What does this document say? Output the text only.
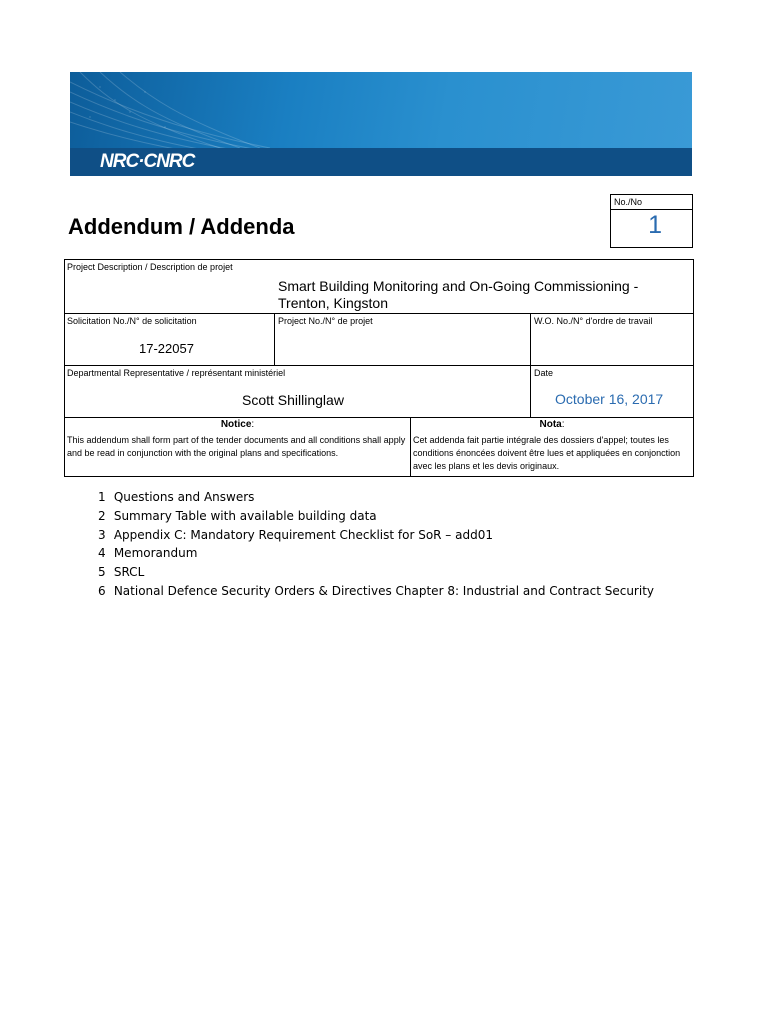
NRC·CNRC
No./No
1
Addendum / Addenda
Project Description / Description de projet
Smart Building Monitoring and On-Going Commissioning -
Trenton, Kingston
Solicitation No./N° de solicitation
17-22057
Project No./N° de projet	W.O. No./N° d'ordre de travail
Departmental Representative / représentant ministériel
Scott Shillinglaw
Date
October 16, 2017
Notice:
This addendum shall form part of the tender documents and all conditions shall apply and be read in conjunction with the original plans and specifications.
Nota:
Cet addenda fait partie intégrale des dossiers d'appel; toutes les conditions énoncées doivent être lues et appliquées en conjonction avec les plans et les devis originaux.
1 Questions and Answers
2 Summary Table with available building data
3 Appendix C: Mandatory Requirement Checklist for SoR – add01
4 Memorandum
5 SRCL
6 National Defence Security Orders & Directives Chapter 8: Industrial and Contract Security
